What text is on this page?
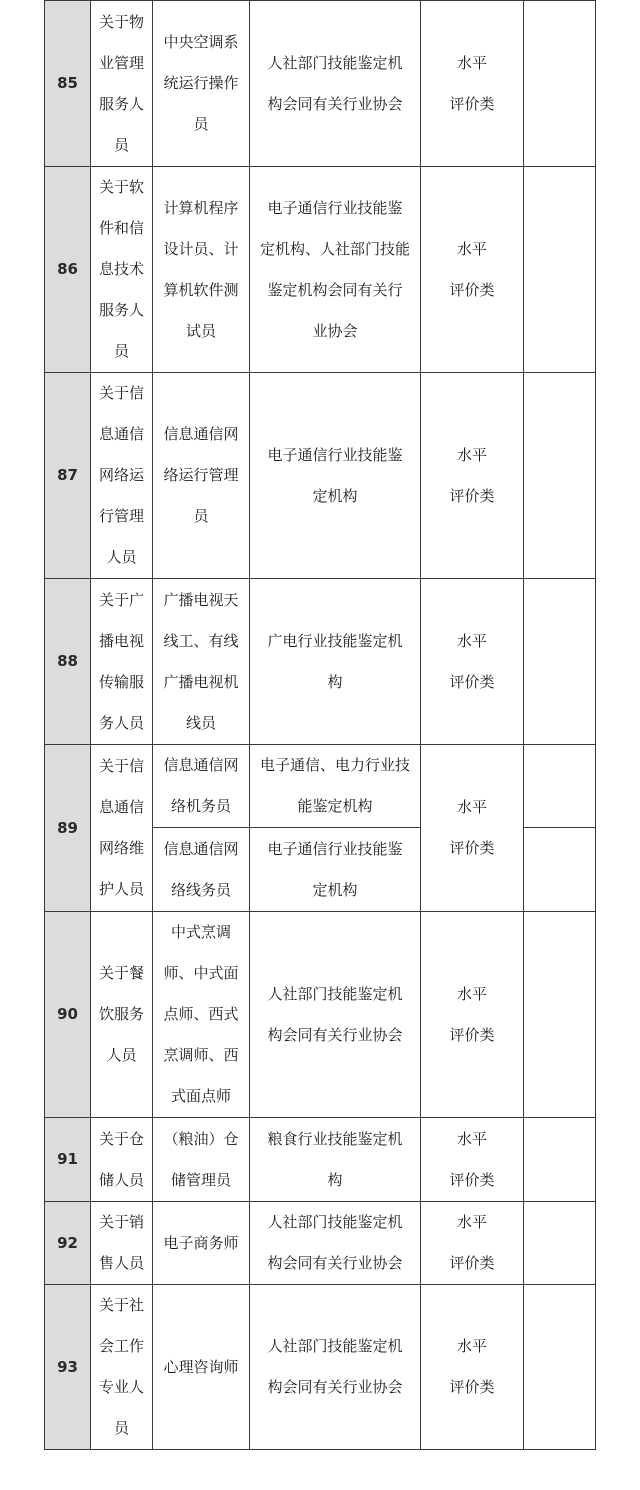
85	关于物
业管理
服务人
员	中央空调系
统运行操作
员	人社部门技能鉴定机
构会同有关行业协会	水平
评价类	

86	关于软
件和信
息技术
服务人
员	计算机程序
设计员、计
算机软件测
试员	电子通信行业技能鉴
定机构、人社部门技能
鉴定机构会同有关行
业协会	水平
评价类	

87	关于信
息通信
网络运
行管理
人员	信息通信网
络运行管理
员	电子通信行业技能鉴
定机构	水平
评价类	

88	关于广
播电视
传输服
务人员	广播电视天
线工、有线
广播电视机
线员	广电行业技能鉴定机
构	水平
评价类	

89	关于信
息通信
网络维
护人员	信息通信网
络机务员	电子通信、电力行业技
能鉴定机构	水平
评价类	

		信息通信网
络线务员	电子通信行业技能鉴
定机构		

90	关于餐
饮服务
人员	中式烹调
师、中式面
点师、西式
烹调师、西
式面点师	人社部门技能鉴定机
构会同有关行业协会	水平
评价类	

91	关于仓
储人员	（粮油）仓
储管理员	粮食行业技能鉴定机
构	水平
评价类	

92	关于销
售人员	电子商务师	人社部门技能鉴定机
构会同有关行业协会	水平
评价类	

93	关于社
会工作
专业人
员	心理咨询师	人社部门技能鉴定机
构会同有关行业协会	水平
评价类	
